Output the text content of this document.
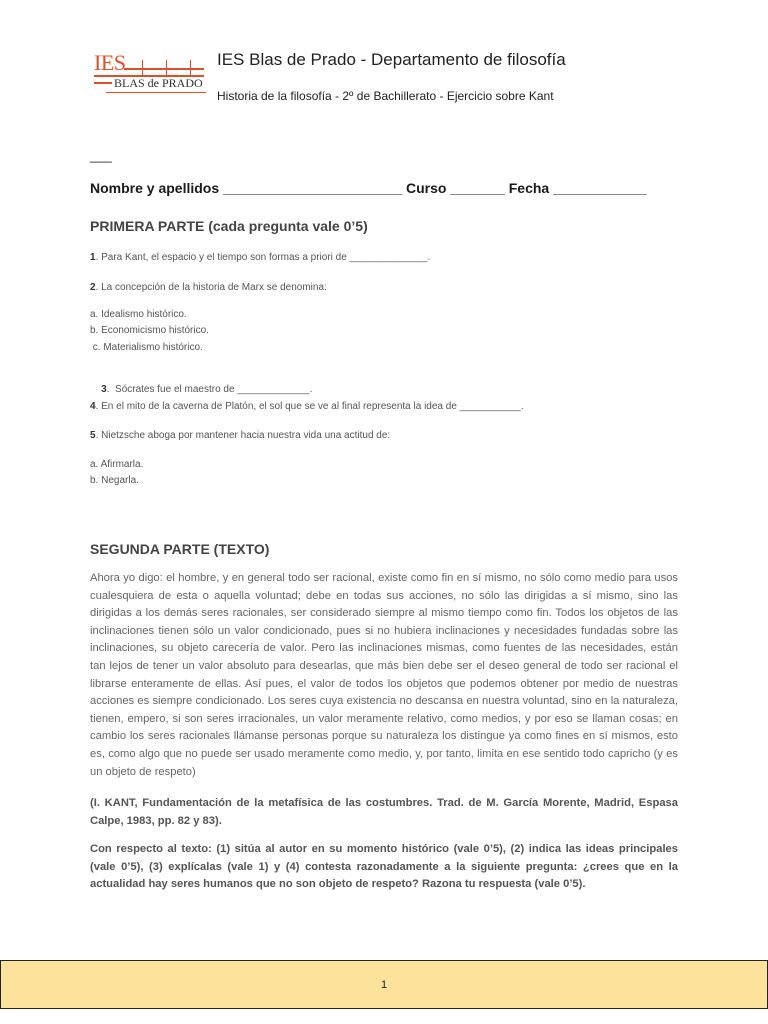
IES
BLAS de PRADO
IES Blas de Prado - Departamento de filosofía
Historia de la filosofía - 2º de Bachillerato - Ejercicio sobre Kant
___
Nombre y apellidos _______________________ Curso _______ Fecha ____________
PRIMERA PARTE (cada pregunta vale 0’5)
1. Para Kant, el espacio y el tiempo son formas a priori de ______________.
2. La concepción de la historia de Marx se denomina:
a. Idealismo histórico.
b. Economicismo histórico.
c. Materialismo histórico.

3.  Sócrates fue el maestro de _____________.

4. En el mito de la caverna de Platón, el sol que se ve al final representa la idea de ___________.
5. Nietzsche aboga por mantener hacia nuestra vida una actitud de:
a. Afirmarla.
b. Negarla.
SEGUNDA PARTE (TEXTO)
Ahora yo digo: el hombre, y en general todo ser racional, existe como fin en sí mismo, no sólo como medio para usos cualesquiera de esta o aquella voluntad; debe en todas sus acciones, no sólo las dirigidas a sí mismo, sino las dirigidas a los demás seres racionales, ser considerado siempre al mismo tiempo como fin. Todos los objetos de las inclinaciones tienen sólo un valor condicionado, pues si no hubiera inclinaciones y necesidades fundadas sobre las inclinaciones, su objeto carecería de valor. Pero las inclinaciones mismas, como fuentes de las necesidades, están tan lejos de tener un valor absoluto para desearlas, que más bien debe ser el deseo general de todo ser racional el librarse enteramente de ellas. Así pues, el valor de todos los objetos que podemos obtener por medio de nuestras acciones es siempre condicionado. Los seres cuya existencia no descansa en nuestra voluntad, sino en la naturaleza, tienen, empero, si son seres irracionales, un valor meramente relativo, como medios, y por eso se llaman cosas; en cambio los seres racionales llámanse personas porque su naturaleza los distingue ya como fines en sí mismos, esto es, como algo que no puede ser usado meramente como medio, y, por tanto, limita en ese sentido todo capricho (y es un objeto de respeto)
(I. KANT, Fundamentación de la metafísica de las costumbres. Trad. de M. García Morente, Madrid, Espasa Calpe, 1983, pp. 82 y 83).
Con respecto al texto: (1) sitúa al autor en su momento histórico (vale 0’5), (2) indica las ideas principales (vale 0’5), (3) explícalas (vale 1) y (4) contesta razonadamente a la siguiente pregunta: ¿crees que en la actualidad hay seres humanos que no son objeto de respeto? Razona tu respuesta (vale 0’5).
1
